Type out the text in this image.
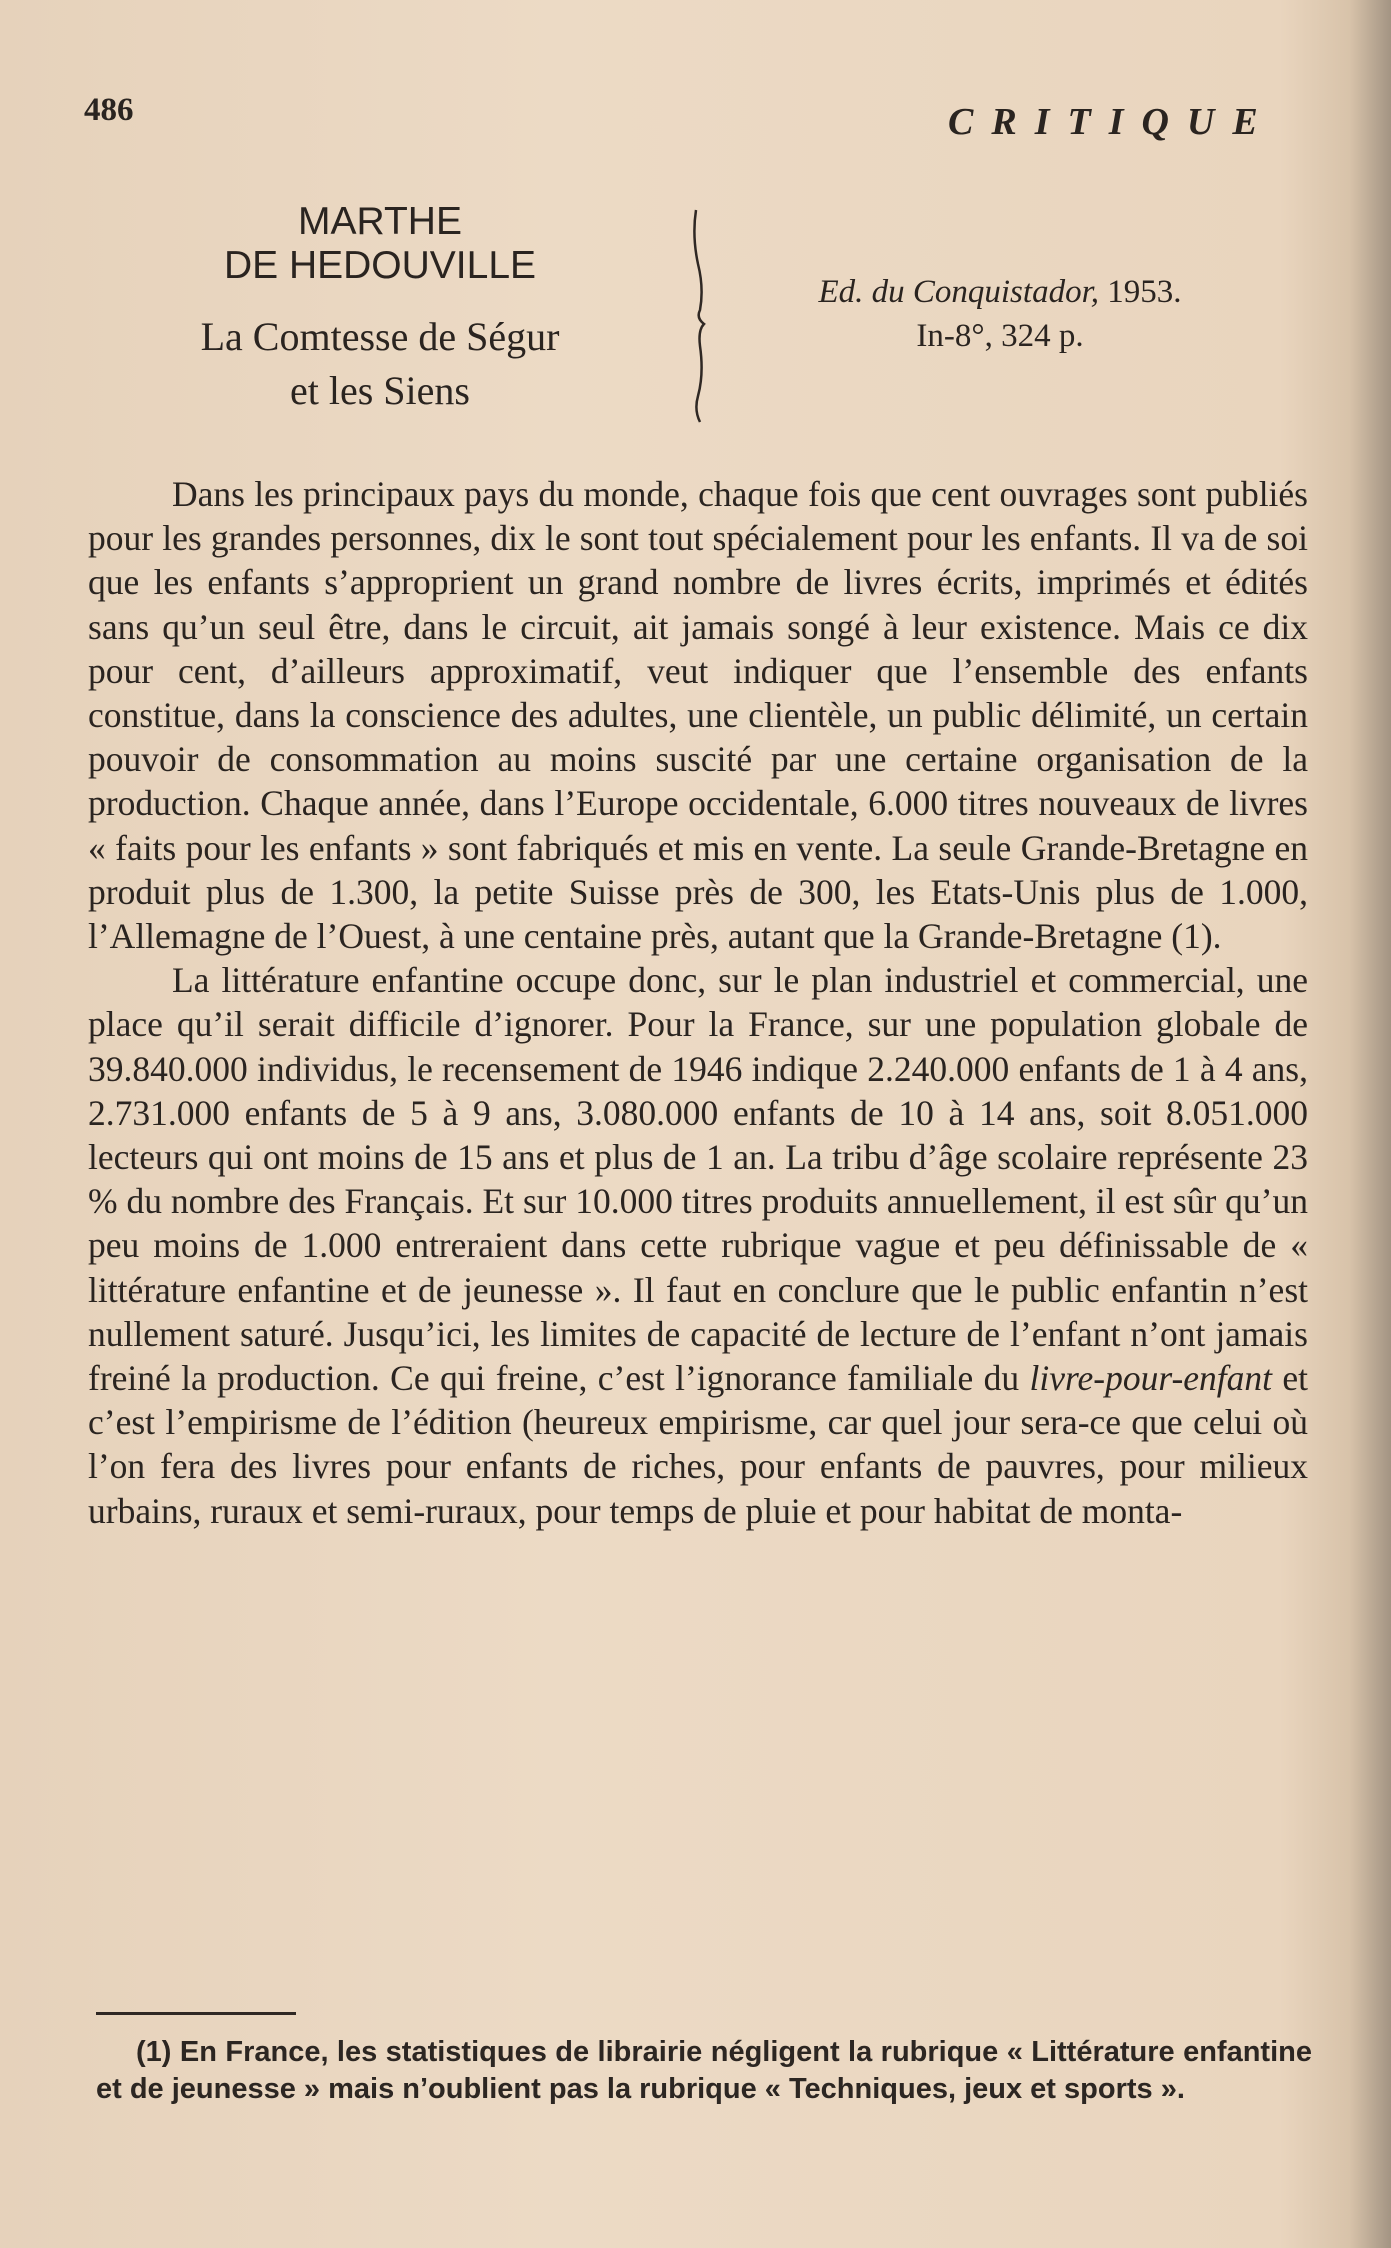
486	CRITIQUE
MARTHE
DE HEDOUVILLE
La Comtesse de Ségur
et les Siens
Ed. du Conquistador, 1953.
In-8°, 324 p.

Dans les principaux pays du monde, chaque fois que cent ouvrages sont publiés pour les grandes personnes, dix le sont tout spécialement pour les enfants. Il va de soi que les enfants s’approprient un grand nombre de livres écrits, imprimés et édités sans qu’un seul être, dans le circuit, ait jamais songé à leur existence. Mais ce dix pour cent, d’ailleurs approximatif, veut indiquer que l’ensemble des enfants constitue, dans la conscience des adultes, une clientèle, un public délimité, un certain pouvoir de consommation au moins suscité par une certaine organisation de la production. Chaque année, dans l’Europe occidentale, 6.000 titres nouveaux de livres « faits pour les enfants » sont fabriqués et mis en vente. La seule Grande-Bretagne en produit plus de 1.300, la petite Suisse près de 300, les Etats-Unis plus de 1.000, l’Allemagne de l’Ouest, à une centaine près, autant que la Grande-Bretagne (1).

La littérature enfantine occupe donc, sur le plan industriel et commercial, une place qu’il serait difficile d’ignorer. Pour la France, sur une population globale de 39.840.000 individus, le recensement de 1946 indique 2.240.000 enfants de 1 à 4 ans, 2.731.000 enfants de 5 à 9 ans, 3.080.000 enfants de 10 à 14 ans, soit 8.051.000 lecteurs qui ont moins de 15 ans et plus de 1 an. La tribu d’âge scolaire représente 23 % du nombre des Français. Et sur 10.000 titres produits annuellement, il est sûr qu’un peu moins de 1.000 entreraient dans cette rubrique vague et peu définissable de « littérature enfantine et de jeunesse ». Il faut en conclure que le public enfantin n’est nullement saturé. Jusqu’ici, les limites de capacité de lecture de l’enfant n’ont jamais freiné la production. Ce qui freine, c’est l’ignorance familiale du livre-pour-enfant et c’est l’empirisme de l’édition (heureux empirisme, car quel jour sera-ce que celui où l’on fera des livres pour enfants de riches, pour enfants de pauvres, pour milieux urbains, ruraux et semi-ruraux, pour temps de pluie et pour habitat de monta-

(1) En France, les statistiques de librairie négligent la rubrique « Littérature enfantine et de jeunesse » mais n’oublient pas la rubrique « Techniques, jeux et sports ».
